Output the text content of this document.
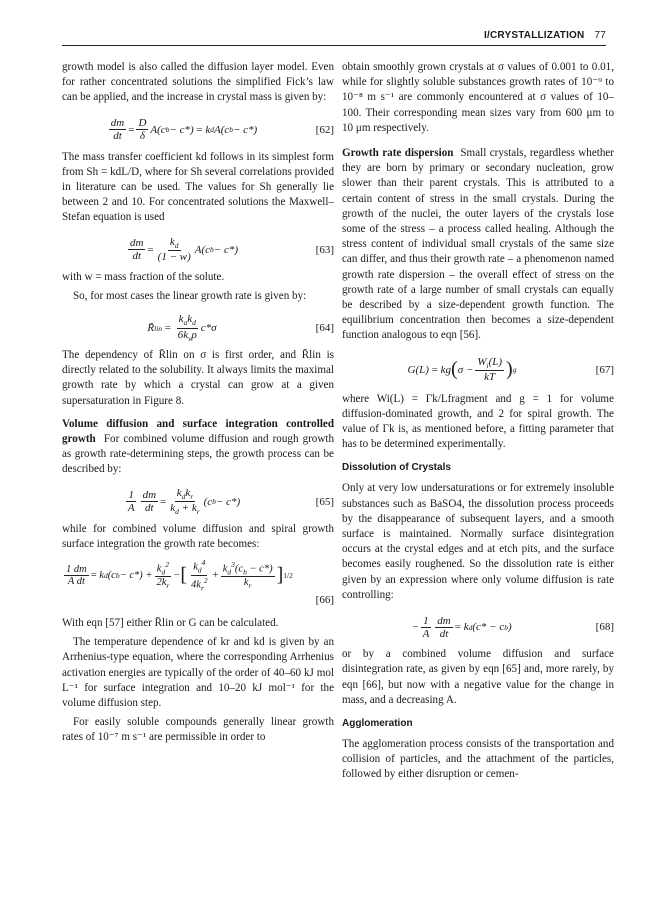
I/CRYSTALLIZATION 77

growth model is also called the diffusion layer model. Even for rather concentrated solutions the simplified Fick’s law can be applied, and the increase in crystal mass is given by:

$\frac{dm}{dt} = \frac{D}{\delta} A(c$ b − c*) = k d A(c b − c*)	[62]

The mass transfer coefficient kd follows in its simplest form from Sh = kdL/D, where for Sh several correlations provided in literature can be used. The values for Sh generally lie between 2 and 10. For concentrated solutions the Maxwell–Stefan equation is used

$\frac{dm}{dt} = \frac{k_d}{(1 - w)} A(c$ b − c*)	[63]

with w = mass fraction of the solute.

So, for most cases the linear growth rate is given by:

R̄ lin = $\frac{k_ak_d}{6k_v\rho} c*\sigma$	[64]

The dependency of R̄lin on σ is first order, and R̄lin is directly related to the solubility. It always limits the maximal growth rate by which a crystal can grow at a given supersaturation in Figure 8.

Volume diffusion and surface integration controlled growth For combined volume diffusion and rough growth as growth rate-determining steps, the growth process can be described by:

$\frac{1}{A} \frac{dm}{dt} = \frac{k_dk_r}{k_d + k_r} (c$ b − c*)	[65]

while for combined volume diffusion and spiral growth surface integration the growth rate becomes:

$\frac{1 dm}{\text{A dt}} = k$ d (c $b - c*) + \frac{k_d^2}{2k_r}$ − [ $\frac{k_d^4}{4k_r^2} + \frac{k_d^3(c_b - c*)}{k_r}$ ] 1/2
[66]

With eqn [57] either R̄lin or G can be calculated.

The temperature dependence of kr and kd is given by an Arrhenius-type equation, where the corresponding Arrhenius activation energies are typically of the order of 40–60 kJ mol L⁻¹ for surface integration and 10–20 kJ mol⁻¹ for the volume diffusion step.

For easily soluble compounds generally linear growth rates of 10⁻⁷ m s⁻¹ are permissible in order to

obtain smoothly grown crystals at σ values of 0.001 to 0.01, while for slightly soluble substances growth rates of 10⁻⁹ to 10⁻⁸ m s⁻¹ are commonly encountered at σ values of 10–100. Their corresponding mean sizes vary from 600 μm to 10 μm respectively.

Growth rate dispersion Small crystals, regardless whether they are born by primary or secondary nucleation, grow slower than their parent crystals. This is attributed to a certain content of stress in the small crystals. During the growth of the nuclei, the outer layers of the crystals lose some of the stress – a process called healing. Although the stress content of individual small crystals of the same size can differ, and thus their growth rate – a phenomenon named growth rate dispersion – the overall effect of stress on the growth rate of a large number of small crystals can equally be described by a size-dependent growth function. The equilibrium concentration then becomes a size-dependent function analogous to eqn [56].

G(L) = kg ( $\sigma - \frac{W_i(L)}{kT}$ ) g	[67]

where Wi(L) = Γk/Lfragment and g = 1 for volume diffusion-dominated growth, and 2 for spiral growth. The value of Γk is, as mentioned before, a fitting parameter that has to be determined experimentally.

Dissolution of Crystals

Only at very low undersaturations or for extremely insoluble substances such as BaSO4, the dissolution process proceeds by the disappearance of subsequent layers, and a smooth surface is maintained. Normally surface disintegration occurs at the crystal edges and at etch pits, and the surface becomes easily roughened. So the dissolution rate is either given by an expression where only volume diffusion is rate controlling:

− $\frac{1}{A} \frac{dm}{dt} = k$ d (c* − c b )	[68]

or by a combined volume diffusion and surface disintegration rate, as given by eqn [65] and, more rarely, by eqn [66], but now with a negative value for the change in mass, and a decreasing A.

Agglomeration

The agglomeration process consists of the transportation and collision of particles, and the attachment of the particles, followed by either disruption or cemen-
